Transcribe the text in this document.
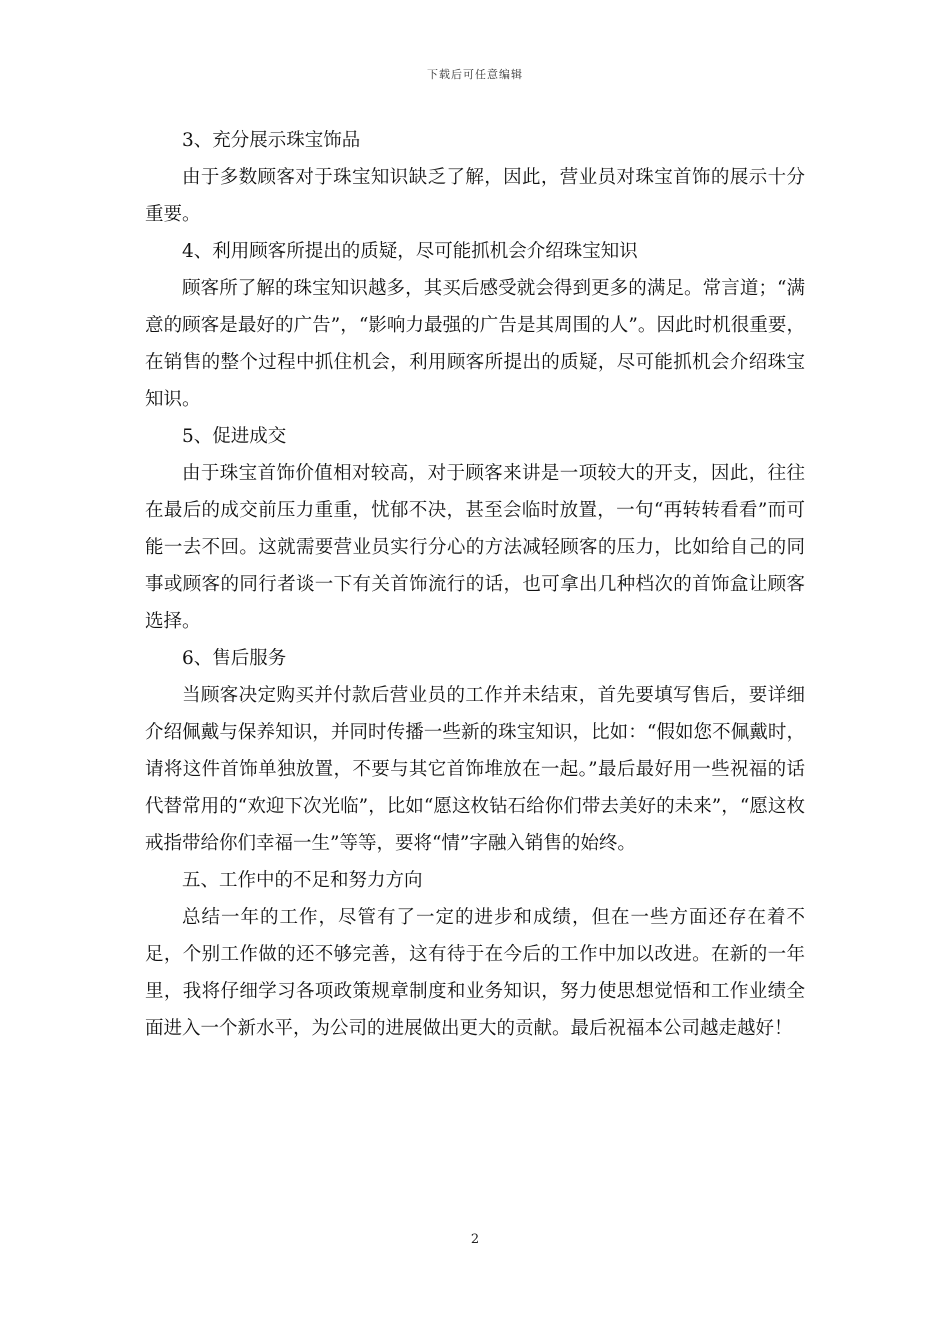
下载后可任意编辑

3、充分展示珠宝饰品

由于多数顾客对于珠宝知识缺乏了解，因此，营业员对珠宝首饰的展示十分重要。

4、利用顾客所提出的质疑，尽可能抓机会介绍珠宝知识

顾客所了解的珠宝知识越多，其买后感受就会得到更多的满足。常言道；“满意的顾客是最好的广告”，“影响力最强的广告是其周围的人”。因此时机很重要，在销售的整个过程中抓住机会，利用顾客所提出的质疑，尽可能抓机会介绍珠宝知识。

5、促进成交

由于珠宝首饰价值相对较高，对于顾客来讲是一项较大的开支，因此，往往在最后的成交前压力重重，忧郁不决，甚至会临时放置，一句“再转转看看”而可能一去不回。这就需要营业员实行分心的方法减轻顾客的压力，比如给自己的同事或顾客的同行者谈一下有关首饰流行的话，也可拿出几种档次的首饰盒让顾客选择。

6、售后服务

当顾客决定购买并付款后营业员的工作并未结束，首先要填写售后，要详细介绍佩戴与保养知识，并同时传播一些新的珠宝知识，比如：“假如您不佩戴时，请将这件首饰单独放置，不要与其它首饰堆放在一起。”最后最好用一些祝福的话代替常用的“欢迎下次光临”，比如“愿这枚钻石给你们带去美好的未来”，“愿这枚戒指带给你们幸福一生”等等，要将“情”字融入销售的始终。

五、工作中的不足和努力方向

总结一年的工作，尽管有了一定的进步和成绩，但在一些方面还存在着不足，个别工作做的还不够完善，这有待于在今后的工作中加以改进。在新的一年里，我将仔细学习各项政策规章制度和业务知识，努力使思想觉悟和工作业绩全面进入一个新水平，为公司的进展做出更大的贡献。最后祝福本公司越走越好！

2
